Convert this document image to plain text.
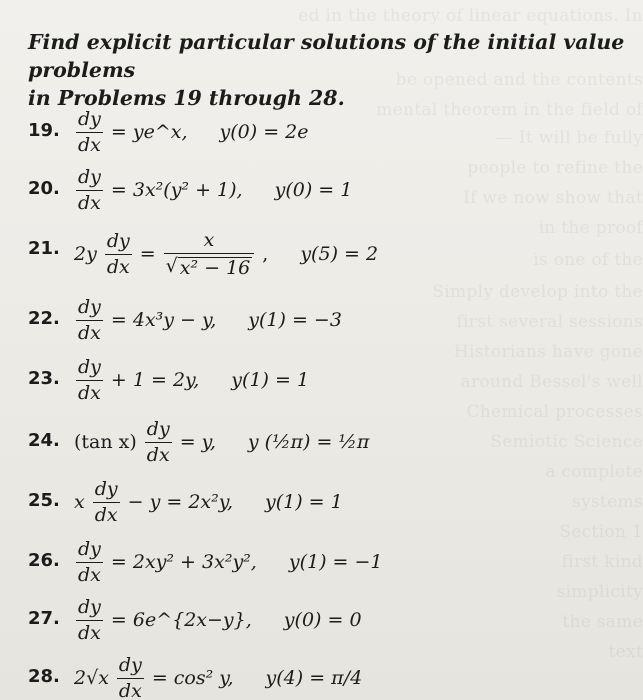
ed in the theory of linear equations. In
be opened and the contents
mental theorem in the field of
— It will be fully
people to refine the
If we now show that
in the proof
is one of the
Simply develop into the
first several sessions
Historians have gone
around Bessel's well
Chemical processes
Semiotic Science
a complete
systems
Section 1
first kind
simplicity
the same
text
Find explicit particular solutions of the initial value problems
in Problems 19 through 28.
19. $\frac{dy}{dx}$ = ye^x, y(0) = 2e
20. $\frac{dy}{dx} = 3x^2(y^2 + 1)$, y(0) = 1
21. $2y \frac{dy}{dx} = \frac{x}{\text{√ x² − 16}}$ , y(5) = 2
22. $\frac{dy}{dx} = 4x^3y - y$, y(1) = −3
23. $\frac{dy}{dx} + 1 = 2y$, y(1) = 1
24. (tan $x) \frac{dy}{dx} = y$, y (½π) = ½π
25. x $\frac{dy}{dx} - y = 2x^2y$, y(1) = 1
26. $\frac{dy}{dx} = 2xy^2 + 3x^2y^2$, y(1) = −1
27. $\frac{dy}{dx}$ = 6e^{2x−y}, y(0) = 0
28. $2√x \frac{dy}{dx} = \cos^2$ y, y(4) = π/4
